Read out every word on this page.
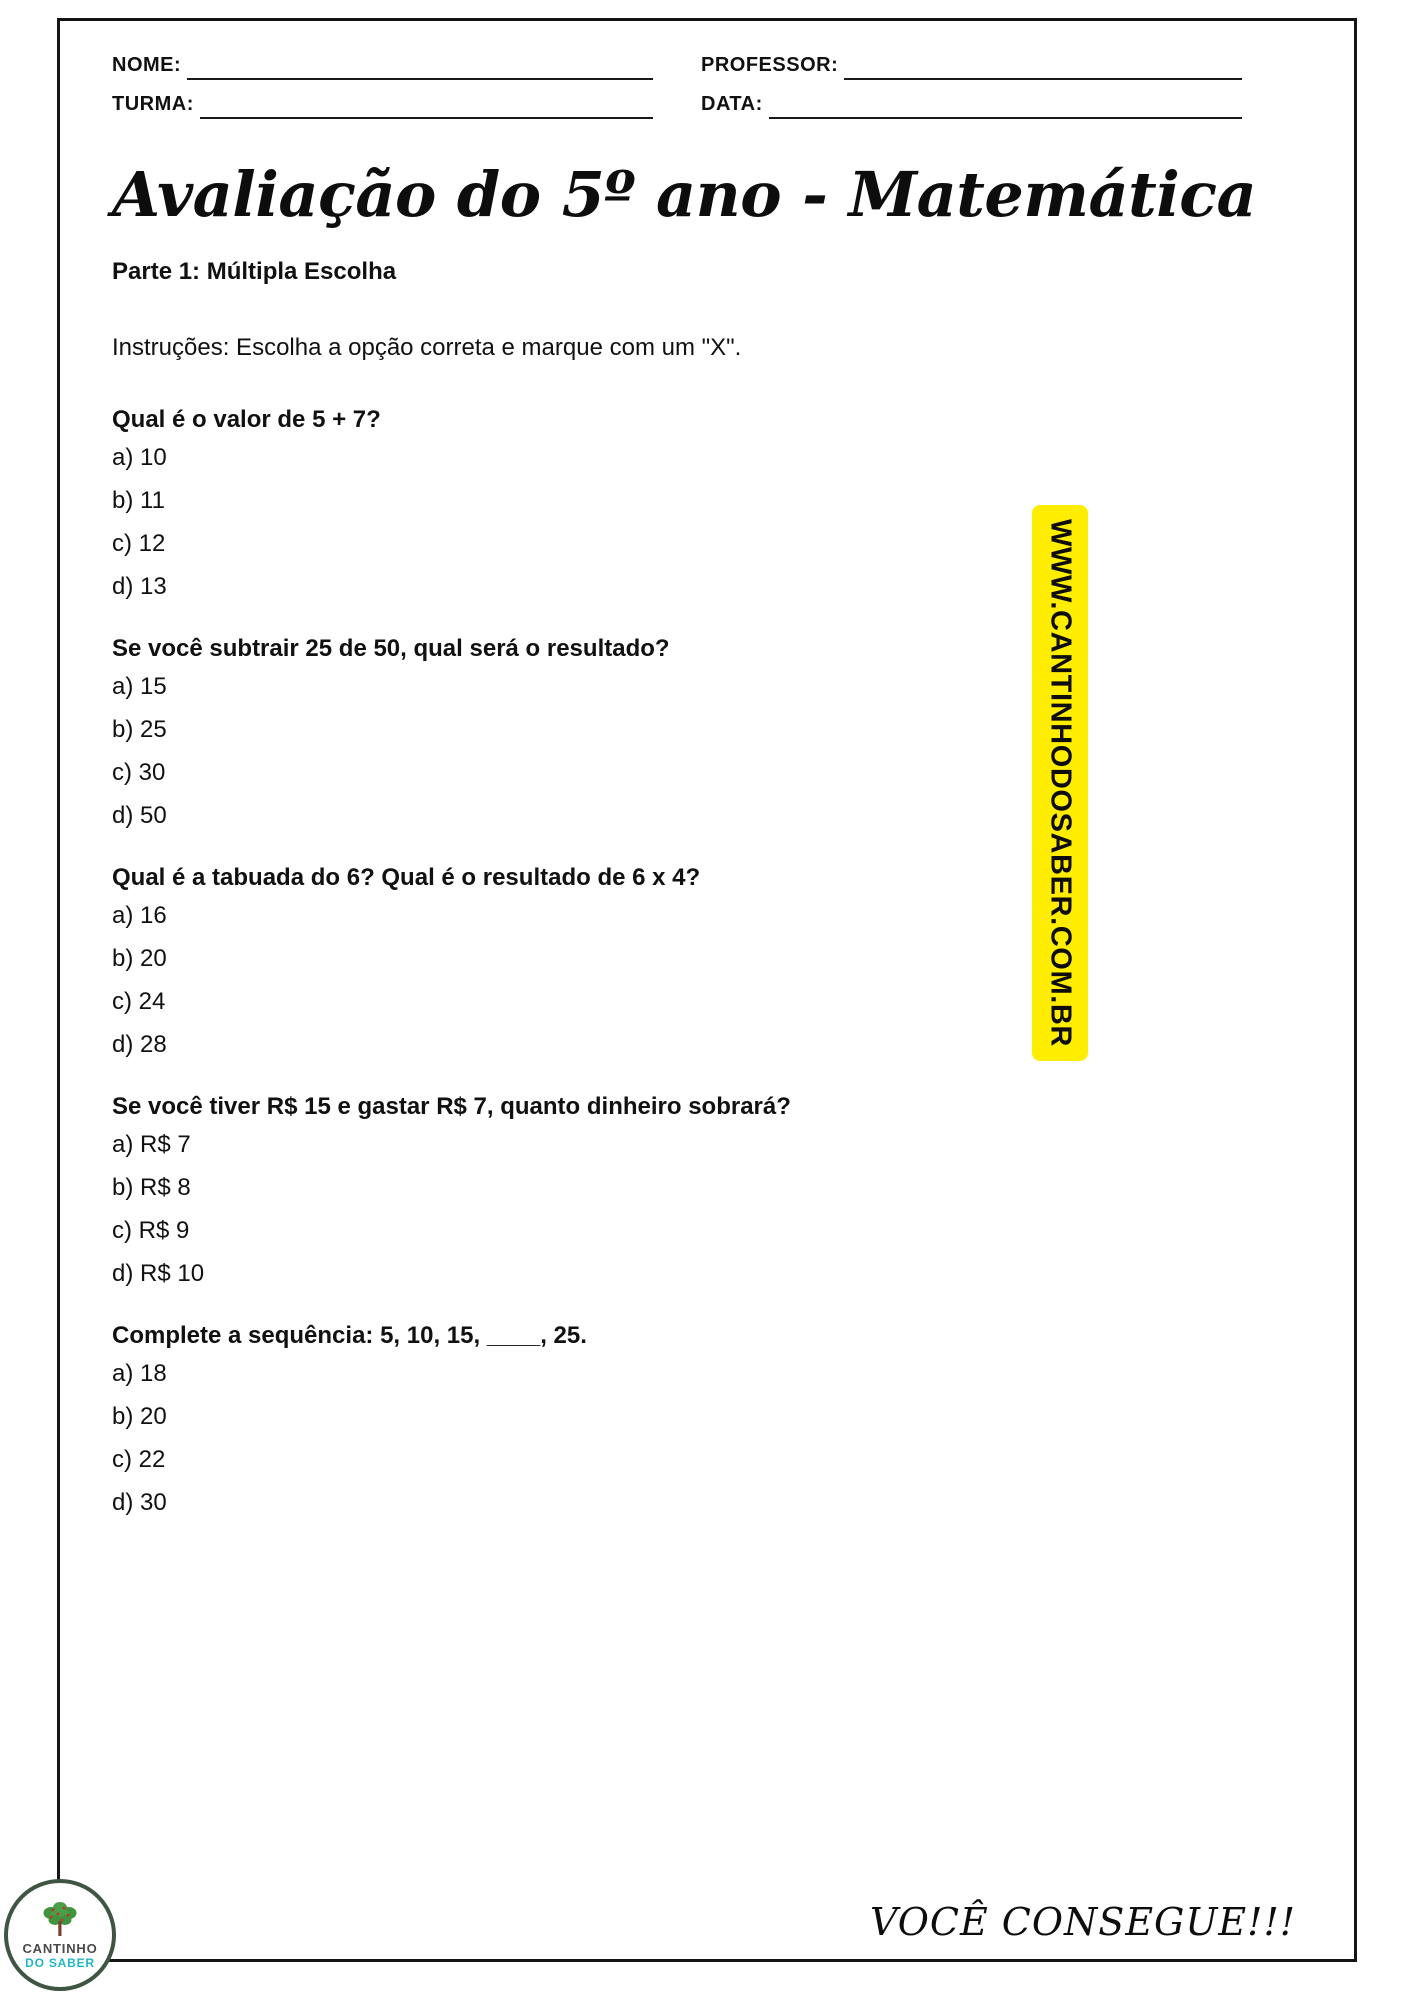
NOME:	PROFESSOR:
TURMA:	DATA:
Avaliação do 5º ano - Matemática
Parte 1: Múltipla Escolha
Instruções: Escolha a opção correta e marque com um "X".
Qual é o valor de 5 + 7?
a) 10
b) 11
c) 12
d) 13
Se você subtrair 25 de 50, qual será o resultado?
a) 15
b) 25
c) 30
d) 50
Qual é a tabuada do 6? Qual é o resultado de 6 x 4?
a) 16
b) 20
c) 24
d) 28
Se você tiver R$ 15 e gastar R$ 7, quanto dinheiro sobrará?
a) R$ 7
b) R$ 8
c) R$ 9
d) R$ 10
Complete a sequência: 5, 10, 15, ____, 25.
a) 18
b) 20
c) 22
d) 30
WWW.CANTINHODOSABER.COM.BR
VOCÊ CONSEGUE!!!
CANTINHO
DO SABER
